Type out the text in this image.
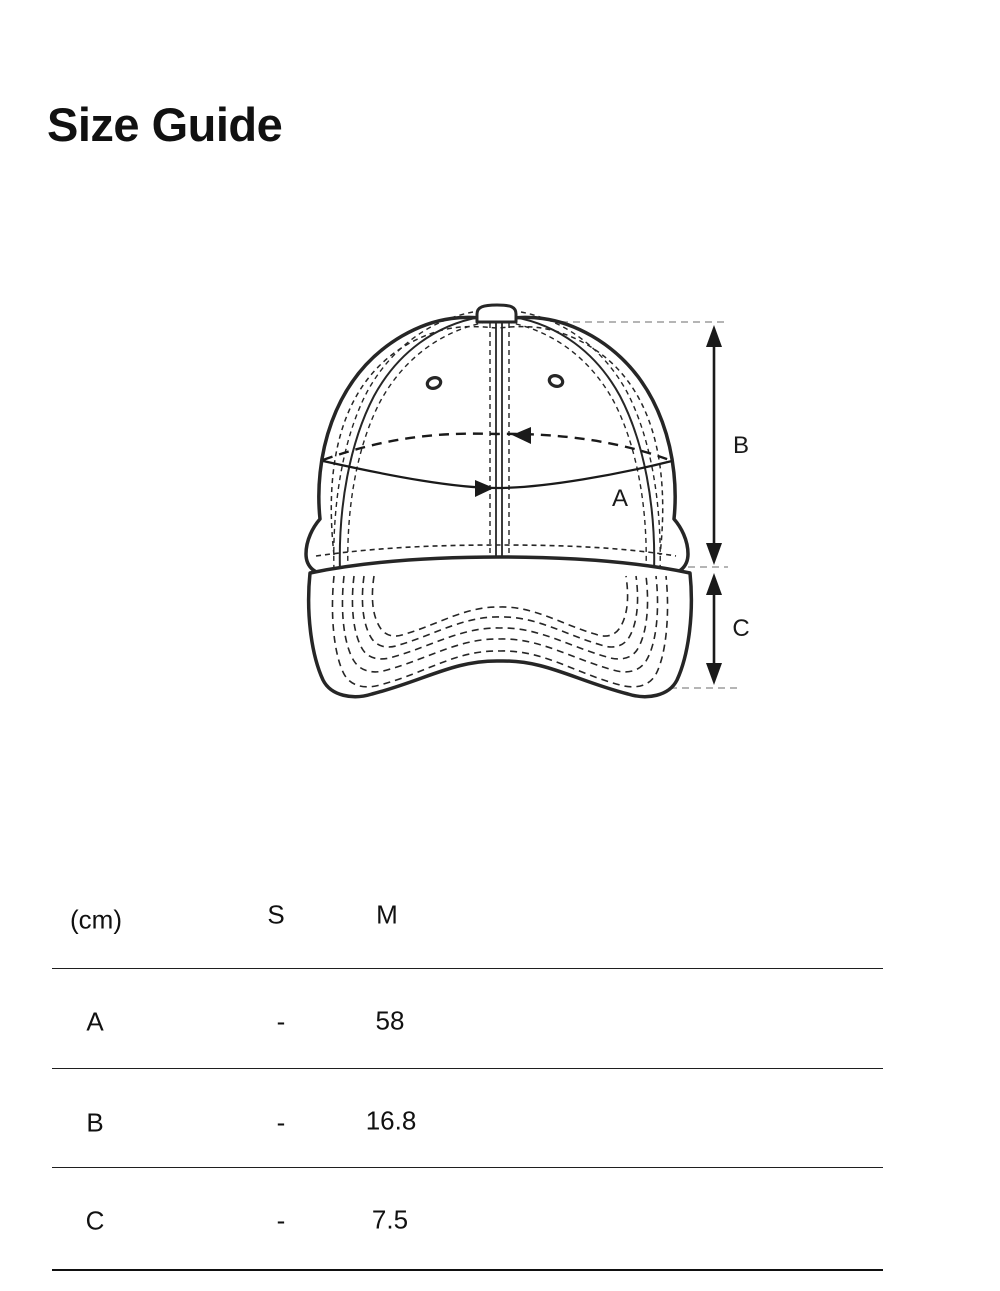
Size Guide
A
B
C
(cm)	S	M
A	-	58
B	-	16.8
C	-	7.5
